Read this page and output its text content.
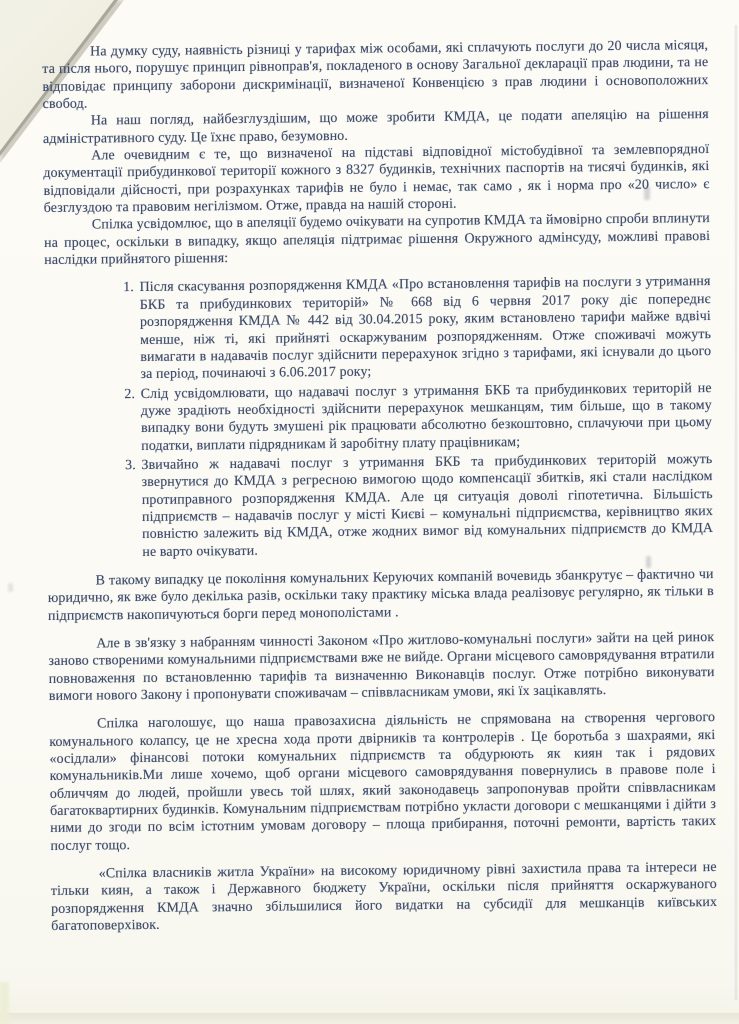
На думку суду, наявність різниці у тарифах між особами, які сплачують послуги до 20 числа місяця, та після нього, порушує принцип рівноправ'я, покладеного в основу Загальної декларації прав людини, та не відповідає принципу заборони дискримінації, визначеної Конвенцією з прав людини і основоположних свобод.

На наш погляд, найбезглуздішим, що може зробити КМДА, це подати апеляцію на рішення адміністративного суду. Це їхнє право, безумовно.

Але очевидним є те, що визначеної на підставі відповідної містобудівної та землевпорядної документації прибудинкової території кожного з 8327 будинків, технічних паспортів на тисячі будинків, які відповідали дійсності, при розрахунках тарифів не було і немає, так само , як і норма про «20 число» є безглуздою та правовим негілізмом. Отже, правда на нашій стороні.

Спілка усвідомлює, що в апеляції будемо очікувати на супротив КМДА та ймовірно спроби вплинути на процес, оскільки в випадку, якщо апеляція підтримає рішення Окружного адмінсуду, можливі правові наслідки прийнятого рішення:

1. Після скасування розпорядження КМДА «Про встановлення тарифів на послуги з утримання БКБ та прибудинкових територій» № 668 від 6 червня 2017 року діє попереднє розпорядження КМДА № 442 від 30.04.2015 року, яким встановлено тарифи майже вдвічі менше, ніж ті, які прийняті оскаржуваним розпорядженням. Отже споживачі можуть вимагати в надавачів послуг здійснити перерахунок згідно з тарифами, які існували до цього за період, починаючі з 6.06.2017 року;
2. Слід усвідомлювати, що надавачі послуг з утримання БКБ та прибудинкових територій не дуже зрадіють необхідності здійснити перерахунок мешканцям, тим більше, що в такому випадку вони будуть змушені рік працювати абсолютно безкоштовно, сплачуючи при цьому податки, виплати підрядникам й заробітну плату працівникам;
3. Звичайно ж надавачі послуг з утримання БКБ та прибудинкових територій можуть звернутися до КМДА з регресною вимогою щодо компенсації збитків, які стали наслідком протиправного розпорядження КМДА. Але ця ситуація доволі гіпотетична. Більшість підприємств – надавачів послуг у місті Києві – комунальні підприємства, керівництво яких повністю залежить від КМДА, отже жодних вимог від комунальних підприємств до КМДА не варто очікувати.

В такому випадку це покоління комунальних Керуючих компаній вочевидь збанкрутує – фактично чи юридично, як вже було декілька разів, оскільки таку практику міська влада реалізовує регулярно, як тільки в підприємств накопичуються борги перед монополістами .

Але в зв'язку з набранням чинності Законом «Про житлово-комунальні послуги» зайти на цей ринок заново створеними комунальними підприємствами вже не вийде. Органи місцевого самоврядування втратили повноваження по встановленню тарифів та визначенню Виконавців послуг. Отже потрібно виконувати вимоги нового Закону і пропонувати споживачам – співвласникам умови, які їх зацікавлять.

Спілка наголошує, що наша правозахисна діяльність не спрямована на створення чергового комунального колапсу, це не хресна хода проти двірників та контролерів . Це боротьба з шахраями, які «осідлали» фінансові потоки комунальних підприємств та обдурюють як киян так і рядових комунальників.Ми лише хочемо, щоб органи місцевого самоврядування повернулись в правове поле і обличчям до людей, пройшли увесь той шлях, який законодавець запропонував пройти співвласникам багатоквартирних будинків. Комунальним підприємствам потрібно укласти договори с мешканцями і дійти з ними до згоди по всім істотним умовам договору – площа прибирання, поточні ремонти, вартість таких послуг тощо.

«Спілка власників житла України» на високому юридичному рівні захистила права та інтереси не тільки киян, а також і Державного бюджету України, оскільки після прийняття оскаржуваного розпорядження КМДА значно збільшилися його видатки на субсидії для мешканців київських багатоповерхівок.
